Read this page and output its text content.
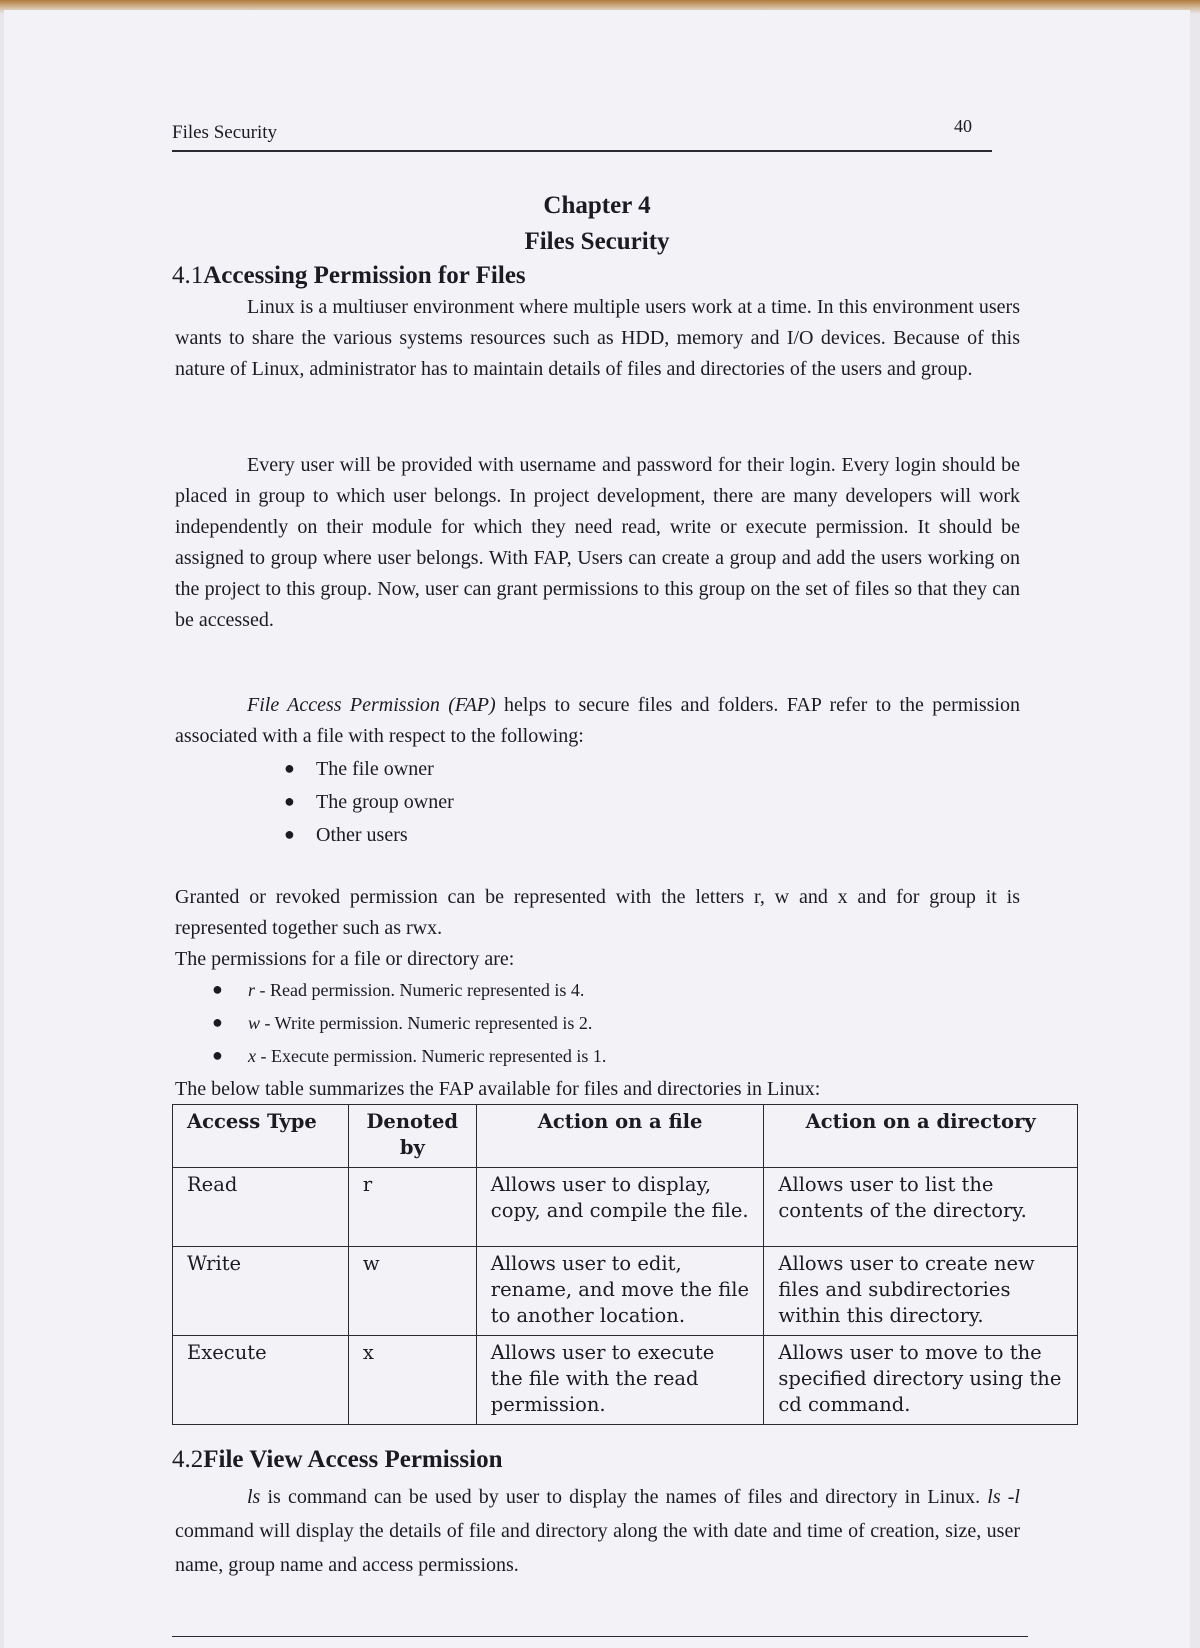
Files Security	40
Chapter 4
Files Security
4.1Accessing Permission for Files

Linux is a multiuser environment where multiple users work at a time. In this environment users wants to share the various systems resources such as HDD, memory and I/O devices. Because of this nature of Linux, administrator has to maintain details of files and directories of the users and group.

Every user will be provided with username and password for their login. Every login should be placed in group to which user belongs. In project development, there are many developers will work independently on their module for which they need read, write or execute permission. It should be assigned to group where user belongs. With FAP, Users can create a group and add the users working on the project to this group. Now, user can grant permissions to this group on the set of files so that they can be accessed.

File Access Permission (FAP) helps to secure files and folders. FAP refer to the permission associated with a file with respect to the following:

● The file owner
● The group owner
● Other users

Granted or revoked permission can be represented with the letters r, w and x and for group it is represented together such as rwx.

The permissions for a file or directory are:
● r - Read permission. Numeric represented is 4.
● w - Write permission. Numeric represented is 2.
● x - Execute permission. Numeric represented is 1.
The below table summarizes the FAP available for files and directories in Linux:
Access Type	Denoted by	Action on a file	Action on a directory
Read	r	Allows user to display, copy, and compile the file.	Allows user to list the contents of the directory.
Write	w	Allows user to edit, rename, and move the file to another location.	Allows user to create new files and subdirectories within this directory.
Execute	x	Allows user to execute the file with the read permission.	Allows user to move to the specified directory using the cd command.
4.2File View Access Permission

ls is command can be used by user to display the names of files and directory in Linux. ls -l command will display the details of file and directory along the with date and time of creation, size, user name, group name and access permissions.
